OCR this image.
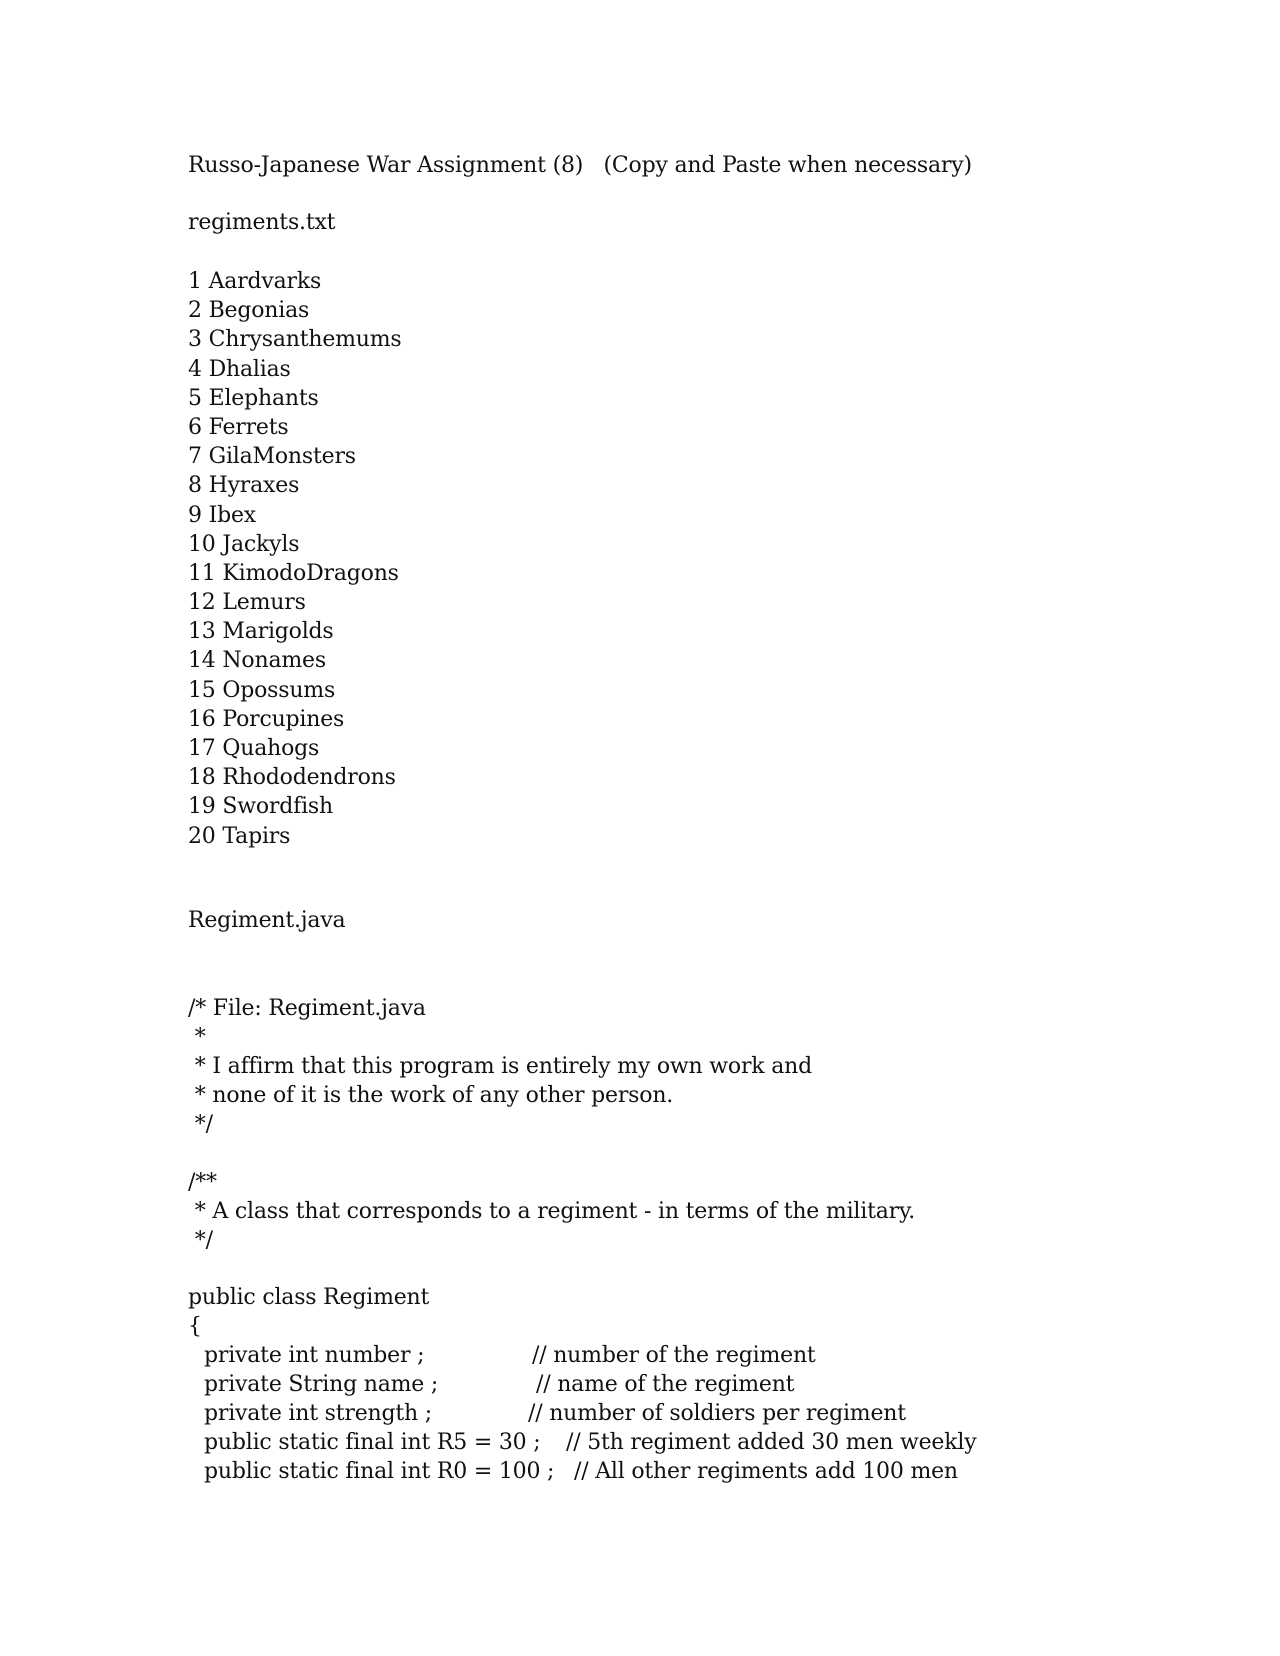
Russo-Japanese War Assignment (8)   (Copy and Paste when necessary)
regiments.txt
1 Aardvarks
2 Begonias
3 Chrysanthemums
4 Dhalias
5 Elephants
6 Ferrets
7 GilaMonsters
8 Hyraxes
9 Ibex
10 Jackyls
11 KimodoDragons
12 Lemurs
13 Marigolds
14 Nonames
15 Opossums
16 Porcupines
17 Quahogs
18 Rhododendrons
19 Swordfish
20 Tapirs
Regiment.java
/* File: Regiment.java
*
* I affirm that this program is entirely my own work and
* none of it is the work of any other person.
*/
/**
* A class that corresponds to a regiment - in terms of the military.
*/
public class Regiment
{

private int number ;

	// number of the regiment

private String name ;

	// name of the regiment

private int strength ;

	// number of soldiers per regiment

public static final int R5 = 30 ;

// 5th regiment added 30 men weekly

public static final int R0 = 100 ;

// All other regiments add 100 men
